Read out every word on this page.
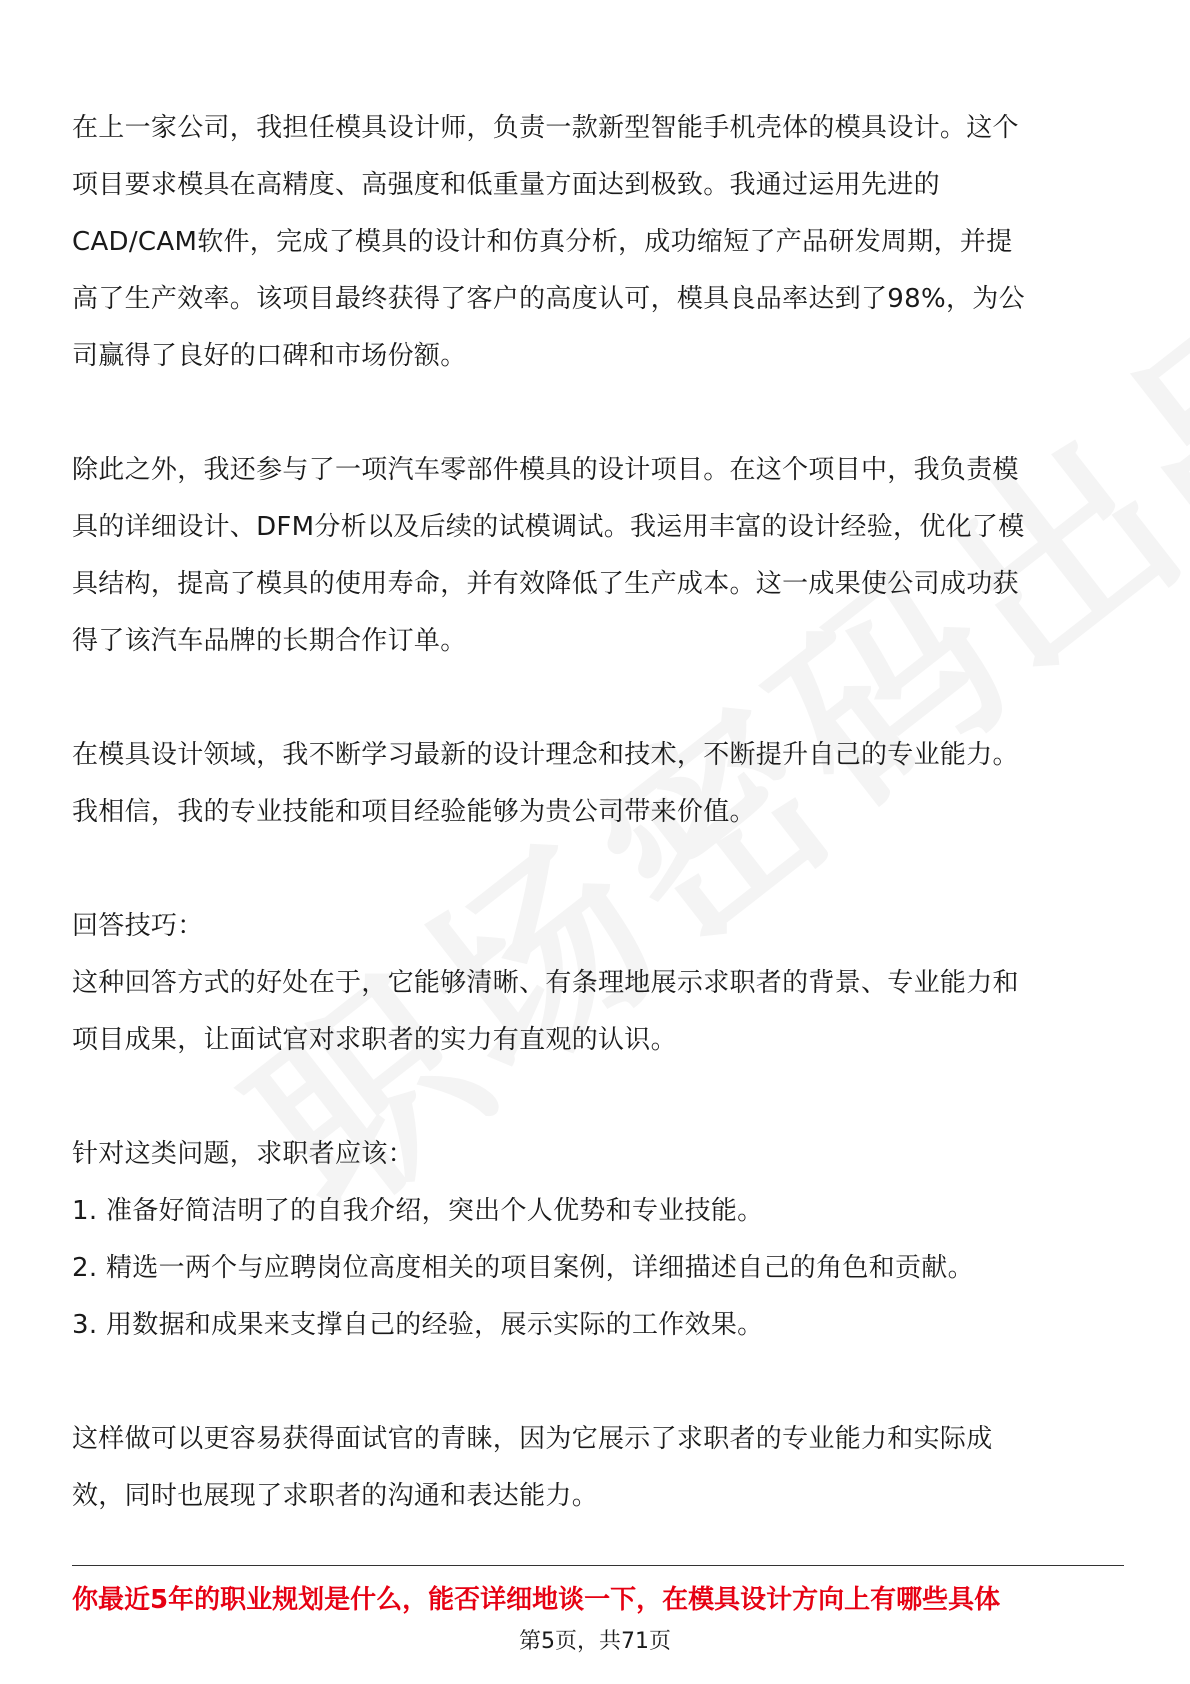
在上一家公司，我担任模具设计师，负责一款新型智能手机壳体的模具设计。这个
项目要求模具在高精度、高强度和低重量方面达到极致。我通过运用先进的
CAD/CAM软件，完成了模具的设计和仿真分析，成功缩短了产品研发周期，并提
高了生产效率。该项目最终获得了客户的高度认可，模具良品率达到了98%，为公
司赢得了良好的口碑和市场份额。
除此之外，我还参与了一项汽车零部件模具的设计项目。在这个项目中，我负责模
具的详细设计、DFM分析以及后续的试模调试。我运用丰富的设计经验，优化了模
具结构，提高了模具的使用寿命，并有效降低了生产成本。这一成果使公司成功获
得了该汽车品牌的长期合作订单。
在模具设计领域，我不断学习最新的设计理念和技术，不断提升自己的专业能力。
我相信，我的专业技能和项目经验能够为贵公司带来价值。
回答技巧：
这种回答方式的好处在于，它能够清晰、有条理地展示求职者的背景、专业能力和
项目成果，让面试官对求职者的实力有直观的认识。
针对这类问题，求职者应该：
1. 准备好简洁明了的自我介绍，突出个人优势和专业技能。
2. 精选一两个与应聘岗位高度相关的项目案例，详细描述自己的角色和贡献。
3. 用数据和成果来支撑自己的经验，展示实际的工作效果。
这样做可以更容易获得面试官的青睐，因为它展示了求职者的专业能力和实际成
效，同时也展现了求职者的沟通和表达能力。
你最近5年的职业规划是什么，能否详细地谈一下，在模具设计方向上有哪些具体
第5页，共71页
